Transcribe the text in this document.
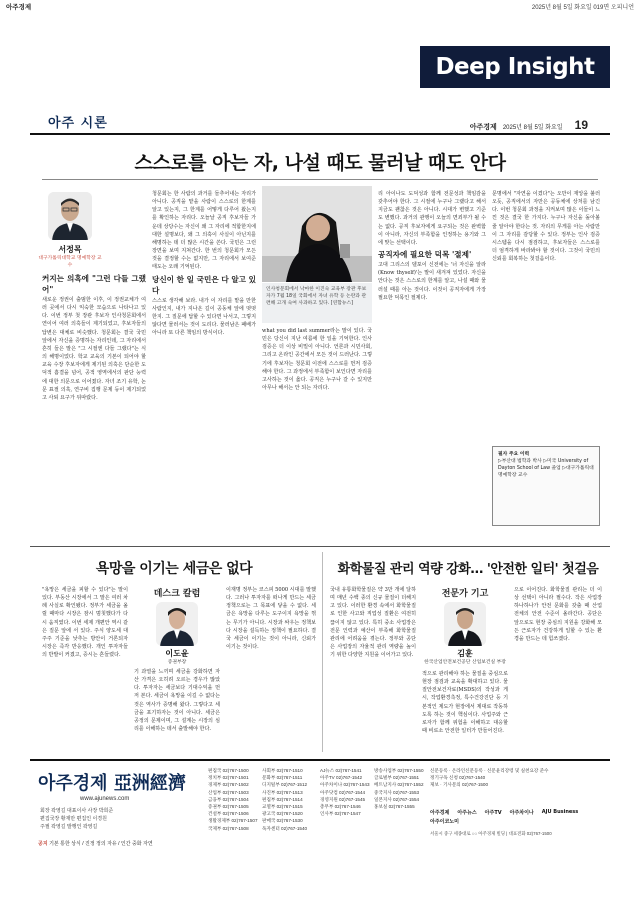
아주경제	2025년 8월 5일 화요일 019면 오피니언
Deep Insight
아주 시론	아주경제 2025년 8월 5일 화요일 19
스스로를 아는 자, 나설 때도 물러날 때도 안다
서정목
대구가톨릭대학교 명예학장 교수
커지는 의혹에 "그런 다들 그랬어"
새로운 정권이 출범한 이후, 이 정권교체가 여러 곳에서 다시 익숙한 모습으로 나타나고 있다. 이번 정부 첫 장관 후보자 인사청문회에서 연이어 여러 의혹들이 제기되었고, 후보자들의 답변은 대체로 비슷했다. 청문회는 결국 국민 앞에서 자신을 증명하는 자리인데, 그 자리에서 흔히 들은 말은 "그 시절엔 다들 그랬다"는 식의 해명이었다. 학교 교육의 기본이 되어야 할 교육 수장 후보자에게 제기된 의혹은 단순한 도덕적 흠결을 넘어, 공적 영역에서의 판단 능력에 대한 의문으로 이어졌다. 자녀 조기 유학, 논문 표절 의혹, 연구비 집행 문제 등이 제기되었고 사퇴 요구가 뒤따랐다.
청문회는 한 사람의 과거를 들추어내는 자리가 아니다. 공직을 맡을 사람이 스스로의 한계를 알고 있는지, 그 한계를 어떻게 다루어 왔는지를 확인하는 자리다. 오늘날 공직 후보자들 가운데 상당수는 자신이 왜 그 자리에 적합한지에 대한 설명보다, 왜 그 의혹이 사실이 아닌지를 해명하는 데 더 많은 시간을 쓴다. 국민은 그런 장면을 보며 지쳐간다. 한 번의 청문회가 모든 것을 결정할 수는 없지만, 그 자리에서 보여준 태도는 오래 기억된다.
당신이 한 일 국민은 다 알고 있다
스스로 생각해 보라. 내가 이 자리를 맡을 만한 사람인지, 내가 지나온 길이 공동체 앞에 떳떳한지. 그 질문에 답할 수 있다면 나서고, 그렇지 않다면 물러서는 것이 도리다. 물러남은 패배가 아니라 또 다른 책임의 방식이다.
인사청문회에서 낙마한 이진숙 교육부 장관 후보자가 7월 18일 국회에서 자녀 유학 등 논란과 관련해 고개 숙여 사과하고 있다. [연합뉴스]
what you did last summer라는 말이 있다. 국민은 당신이 지난 여름에 한 일을 기억한다. 인사 검증은 더 이상 비밀이 아니다. 언론과 시민사회, 그리고 온라인 공간에서 모든 것이 드러난다. 그렇기에 후보자는 청문회 이전에 스스로를 먼저 검증해야 한다. 그 과정에서 부족함이 보인다면 자리를 고사하는 것이 옳다. 공직은 누구나 갈 수 있지만 아무나 해서는 안 되는 자리다.
리 아이나도 도덕성과 함께 전문성과 책임감을 갖추어야 한다. 그 시절에 누구나 그랬다고 해서 지금도 괜찮은 것은 아니다. 시대가 변했고 기준도 변했다. 과거의 관행이 오늘의 면죄부가 될 수는 없다. 공직 후보자에게 요구되는 것은 완벽함이 아니라, 자신의 부족함을 인정하는 용기와 그에 맞는 선택이다.
공직자에 필요한 덕목 '절제'
고대 그리스의 델포이 신전에는 '너 자신을 알라(Know thyself)'는 말이 새겨져 있었다. 자신을 안다는 것은 스스로의 한계를 알고, 나설 때와 물러설 때를 아는 것이다. 이것이 공직자에게 가장 필요한 덕목인 절제다.
문명에서 "자연을 이겼다"는 오만이 재앙을 불러오듯, 공직에서의 자만은 공동체에 상처를 남긴다. 이번 청문회 과정을 지켜보며 많은 이들이 느낀 것은 결국 한 가지다. 누구나 자신을 돌아볼 줄 알아야 한다는 것. 자리의 무게를 아는 사람만이 그 자리를 감당할 수 있다. 정부는 인사 검증 시스템을 다시 점검하고, 후보자들은 스스로를 더 엄격하게 바라봐야 할 것이다. 그것이 국민의 신뢰를 회복하는 첫걸음이다.
필자 주요 이력
▷부산대 법학과 박사 ▷미국 University of Dayton School of Law 졸업 ▷대구가톨릭대 명예학장 교수
욕망을 이기는 세금은 없다
"욕망은 세금을 피할 수 있다"는 말이 있다. 부동산 시장에서 그 말은 여러 차례 사실로 확인됐다. 정부가 세금을 올릴 때마다 시장은 잠시 멈칫했다가 다시 움직였다. 이번 세제 개편안 역시 같은 질문 앞에 서 있다. 주식 양도세 대주주 기준을 낮추는 방안이 거론되자 시장은 즉각 반응했다. 개인 투자자들의 반발이 커졌고, 증시는 흔들렸다.
데스크 칼럼
이도윤
증권부장
기 과열을 느끼며 세금을 강화하면 자산 가격은 오히려 오르는 경우가 많았다. 투자자는 세금보다 기대수익을 먼저 본다. 세금이 욕망을 이길 수 없다는 것은 역사가 증명해 왔다. 그렇다고 세금을 포기하자는 것이 아니다. 세금은 공정의 문제이며, 그 설계는 시장의 심리를 이해하는 데서 출발해야 한다.
이재명 정부는 코스피 5000 시대를 말했다. 그러나 투자자를 떠나게 만드는 세금 정책으로는 그 목표에 닿을 수 없다. 세금은 욕망을 다루는 도구이지 욕망을 꺾는 무기가 아니다. 시장과 싸우는 정책보다 시장을 설득하는 정책이 필요하다. 결국 세금이 이기는 것이 아니라, 신뢰가 이기는 것이다.
화학물질 관리 역량 강화… '안전한 일터' 첫걸음
국내 유통화학물질은 약 3만 개에 달하며 매년 수백 종의 신규 물질이 더해지고 있다. 이러한 환경 속에서 화학물질로 인한 사고와 직업성 질환은 여전히 끊이지 않고 있다. 특히 중소 사업장은 전문 인력과 예산이 부족해 화학물질 관리에 어려움을 겪는다. 정부와 공단은 사업장의 자율적 관리 역량을 높이기 위한 다양한 지원을 이어가고 있다.
전문가 기고
김훈
한국산업안전보건공단 산업보건실 부장
적으로 관리해야 하는 물질을 중심으로 현장 점검과 교육을 확대하고 있다. 물질안전보건자료(MSDS)의 작성과 게시, 작업환경측정, 특수건강진단 등 기본적인 제도가 현장에서 제대로 작동하도록 하는 것이 핵심이다. 사업주와 근로자가 함께 위험을 이해하고 대응할 때 비로소 안전한 일터가 만들어진다.
으로 이어진다. 화학물질 관리는 더 이상 선택이 아니라 필수다. 작은 사업장 하나하나가 안전 문화를 갖출 때 산업 전체의 안전 수준이 올라간다. 공단은 앞으로도 현장 중심의 지원을 강화해 모든 근로자가 건강하게 일할 수 있는 환경을 만드는 데 힘쓰겠다.
아주경제 亞洲經濟
www.ajunews.com
회장 곽영길 대표이사 사장 박희준
편집국장 황재만 편집인 이경원
주필 곽영길 발행인 곽영길
공지 기본 통한 상식 / 진정 정의 자유 / 인간 중화 자연
편집국 02)767-1500
정치부 02)767-1501
경제부 02)767-1502
산업부 02)767-1503
금융부 02)767-1504
증권부 02)767-1505
건설부 02)767-1506
생활경제부 02)767-1507
국제부 02)767-1508
사회부 02)767-1510
문화부 02)767-1511
디지털부 02)767-1512
사진부 02)767-1513
편집부 02)767-1514
교열부 02)767-1515
광고국 02)767-1520
판매국 02)767-1530
독자센터 02)767-1540
AJ뉴스 02)767-1541
아주TV 02)767-1542
아주차이나 02)767-1543
아주닷컴 02)767-1544
경영지원 02)767-1545
총무부 02)767-1546
인사부 02)767-1547
방송사업부 02)767-1550
글로벌부 02)767-1551
베트남지사 02)767-1552
중국지사 02)767-1553
일본지사 02)767-1554
홍보실 02)767-1555
신문등록 · 온라인신문등록 · 신문윤리강령 및 실천요강 준수
정기구독 신청 02)767-1540
제보 · 기사문의 02)767-1500
아주경제 아주뉴스 아주TV 아주차이나 AJU Business
아주이코노미
서울시 중구 세종대로 ○○ 아주경제 빌딩 | 대표전화 02)767-1500
